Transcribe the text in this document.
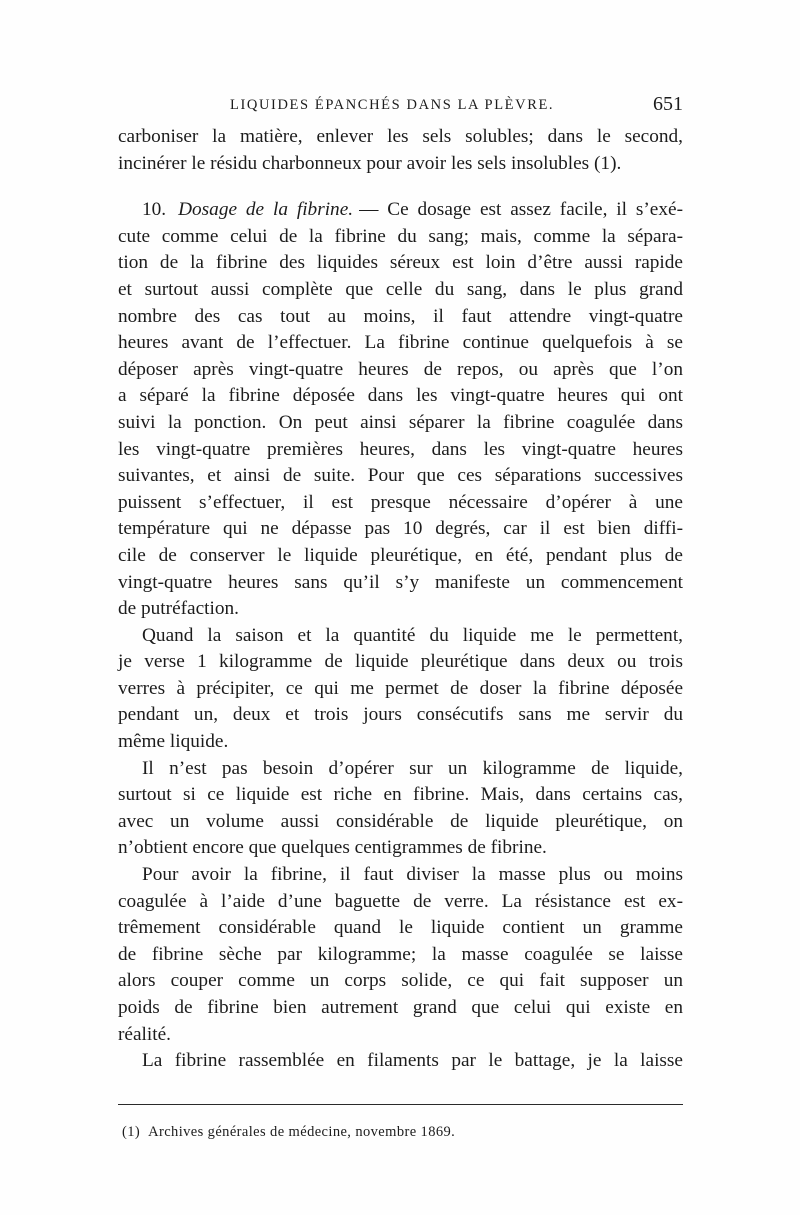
LIQUIDES ÉPANCHÉS DANS LA PLÈVRE.	651
carboniser la matière, enlever les sels solubles; dans le second,
incinérer le résidu charbonneux pour avoir les sels insolubles (1).
10. Dosage de la fibrine. — Ce dosage est assez facile, il s’exé-
cute comme celui de la fibrine du sang; mais, comme la sépara-
tion de la fibrine des liquides séreux est loin d’être aussi rapide
et surtout aussi complète que celle du sang, dans le plus grand
nombre des cas tout au moins, il faut attendre vingt-quatre
heures avant de l’effectuer. La fibrine continue quelquefois à se
déposer après vingt-quatre heures de repos, ou après que l’on
a séparé la fibrine déposée dans les vingt-quatre heures qui ont
suivi la ponction. On peut ainsi séparer la fibrine coagulée dans
les vingt-quatre premières heures, dans les vingt-quatre heures
suivantes, et ainsi de suite. Pour que ces séparations successives
puissent s’effectuer, il est presque nécessaire d’opérer à une
température qui ne dépasse pas 10 degrés, car il est bien diffi-
cile de conserver le liquide pleurétique, en été, pendant plus de
vingt-quatre heures sans qu’il s’y manifeste un commencement
de putréfaction.
Quand la saison et la quantité du liquide me le permettent,
je verse 1 kilogramme de liquide pleurétique dans deux ou trois
verres à précipiter, ce qui me permet de doser la fibrine déposée
pendant un, deux et trois jours consécutifs sans me servir du
même liquide.
Il n’est pas besoin d’opérer sur un kilogramme de liquide,
surtout si ce liquide est riche en fibrine. Mais, dans certains cas,
avec un volume aussi considérable de liquide pleurétique, on
n’obtient encore que quelques centigrammes de fibrine.
Pour avoir la fibrine, il faut diviser la masse plus ou moins
coagulée à l’aide d’une baguette de verre. La résistance est ex-
trêmement considérable quand le liquide contient un gramme
de fibrine sèche par kilogramme; la masse coagulée se laisse
alors couper comme un corps solide, ce qui fait supposer un
poids de fibrine bien autrement grand que celui qui existe en
réalité.
La fibrine rassemblée en filaments par le battage, je la laisse
(1) Archives générales de médecine, novembre 1869.
